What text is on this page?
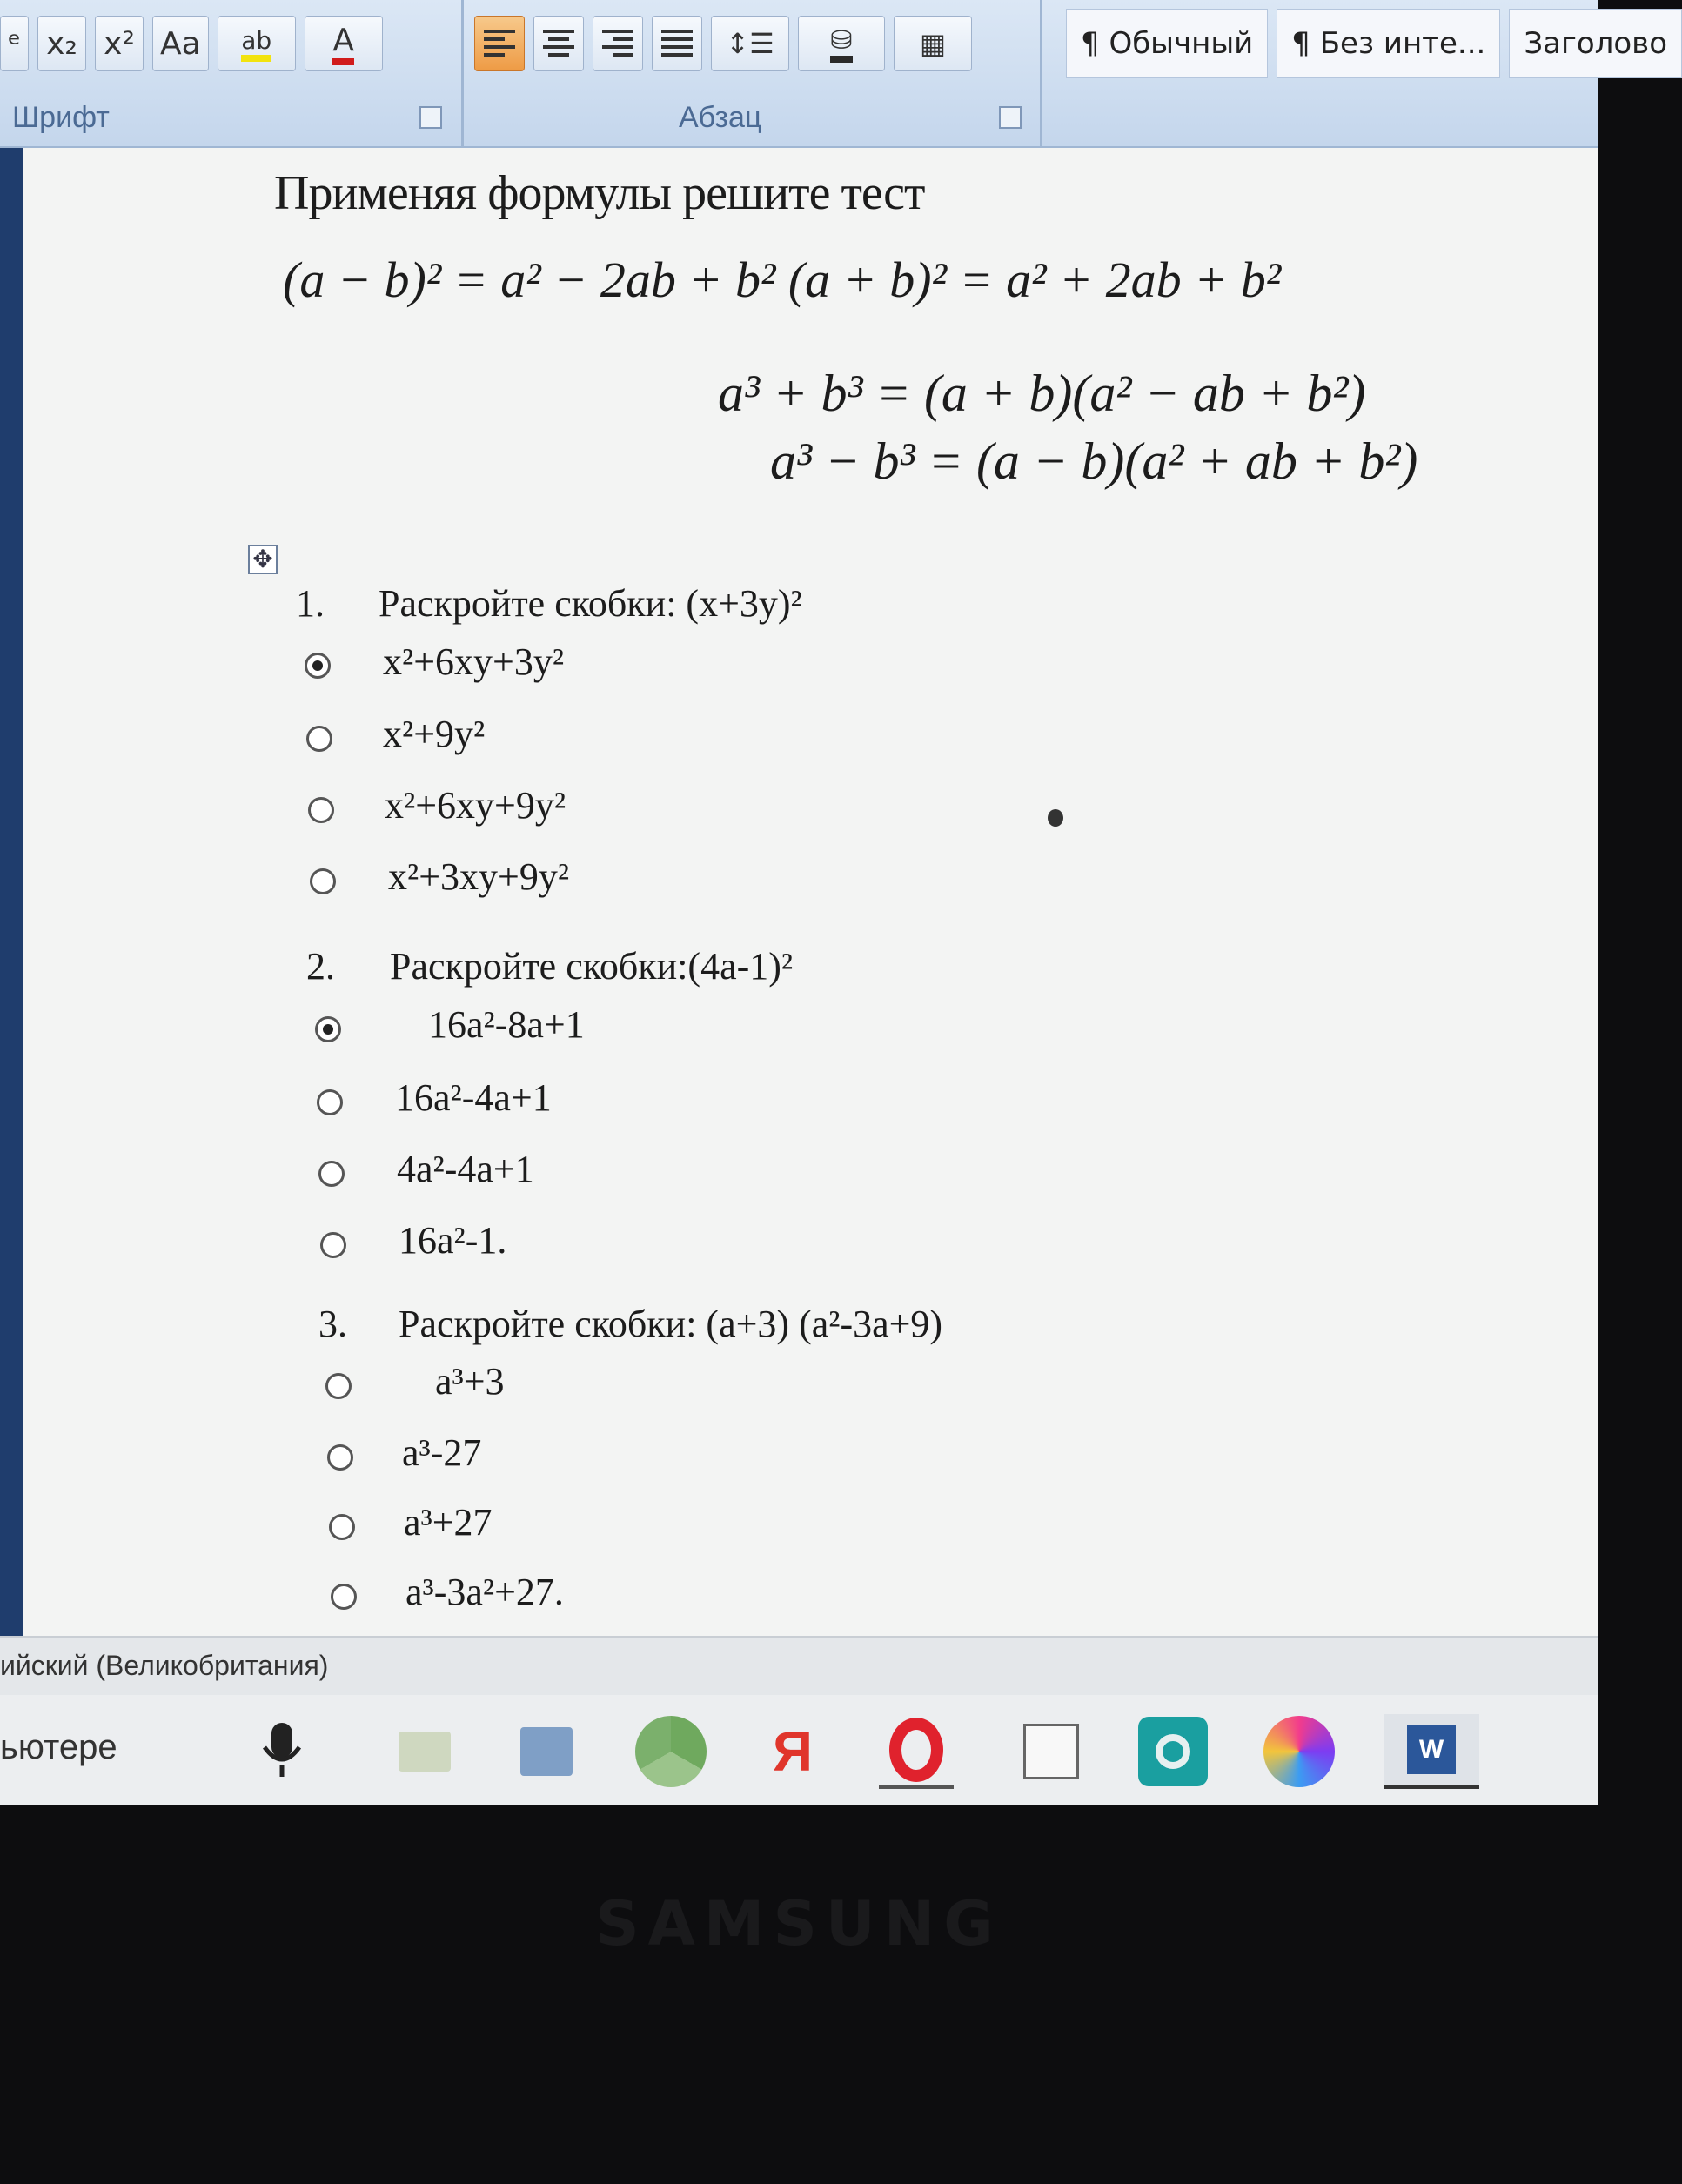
ᵉ x₂ x² Aa	ab A	↕☰ ⛁ ▦	¶ Обычный	¶ Без инте...	Заголово
Шрифт	Абзац
Применяя формулы решите тест
(a − b)² = a² − 2ab + b² (a + b)² = a² + 2ab + b²
a³ + b³ = (a + b)(a² − ab + b²)
a³ − b³ = (a − b)(a² + ab + b²)
✥
1. Раскройте скобки: (x+3y)²
x²+6xy+3y²
x²+9y²
x²+6xy+9y²
x²+3xy+9y²
2. Раскройте скобки:(4a-1)²
16a²-8a+1
16a²-4a+1
4a²-4a+1
16a²-1.
3. Раскройте скобки: (a+3) (a²-3a+9)
a³+3
a³-27
a³+27
a³-3a²+27.
ийский (Великобритания)
ьютере	Я	W
SAMSUNG
